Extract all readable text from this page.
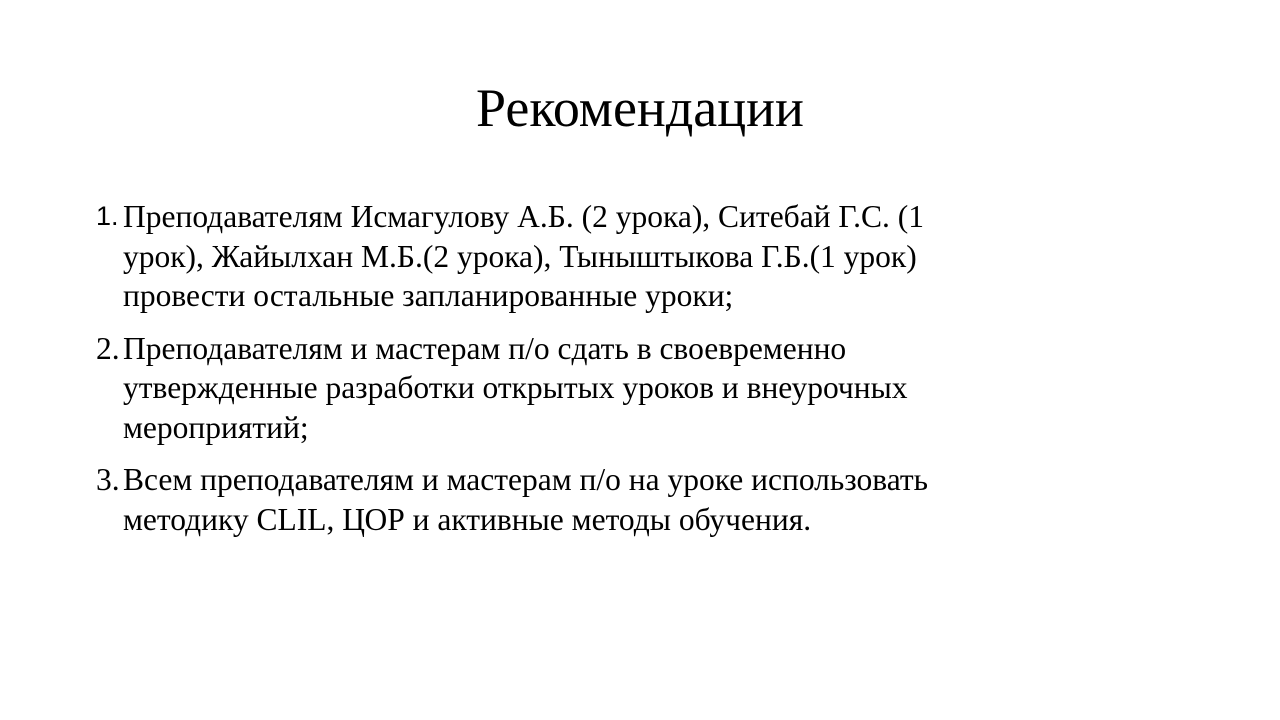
Рекомендации
1. Преподавателям Исмагулову А.Б. (2 урока), Ситебай Г.С. (1
урок), Жайылхан М.Б.(2 урока), Тыныштыкова Г.Б.(1 урок)
провести остальные запланированные уроки;
2. Преподавателям и мастерам п/о сдать в своевременно
утвержденные разработки открытых уроков и внеурочных
мероприятий;
3. Всем преподавателям и мастерам п/о на уроке использовать
методику CLIL, ЦОР и активные методы обучения.
